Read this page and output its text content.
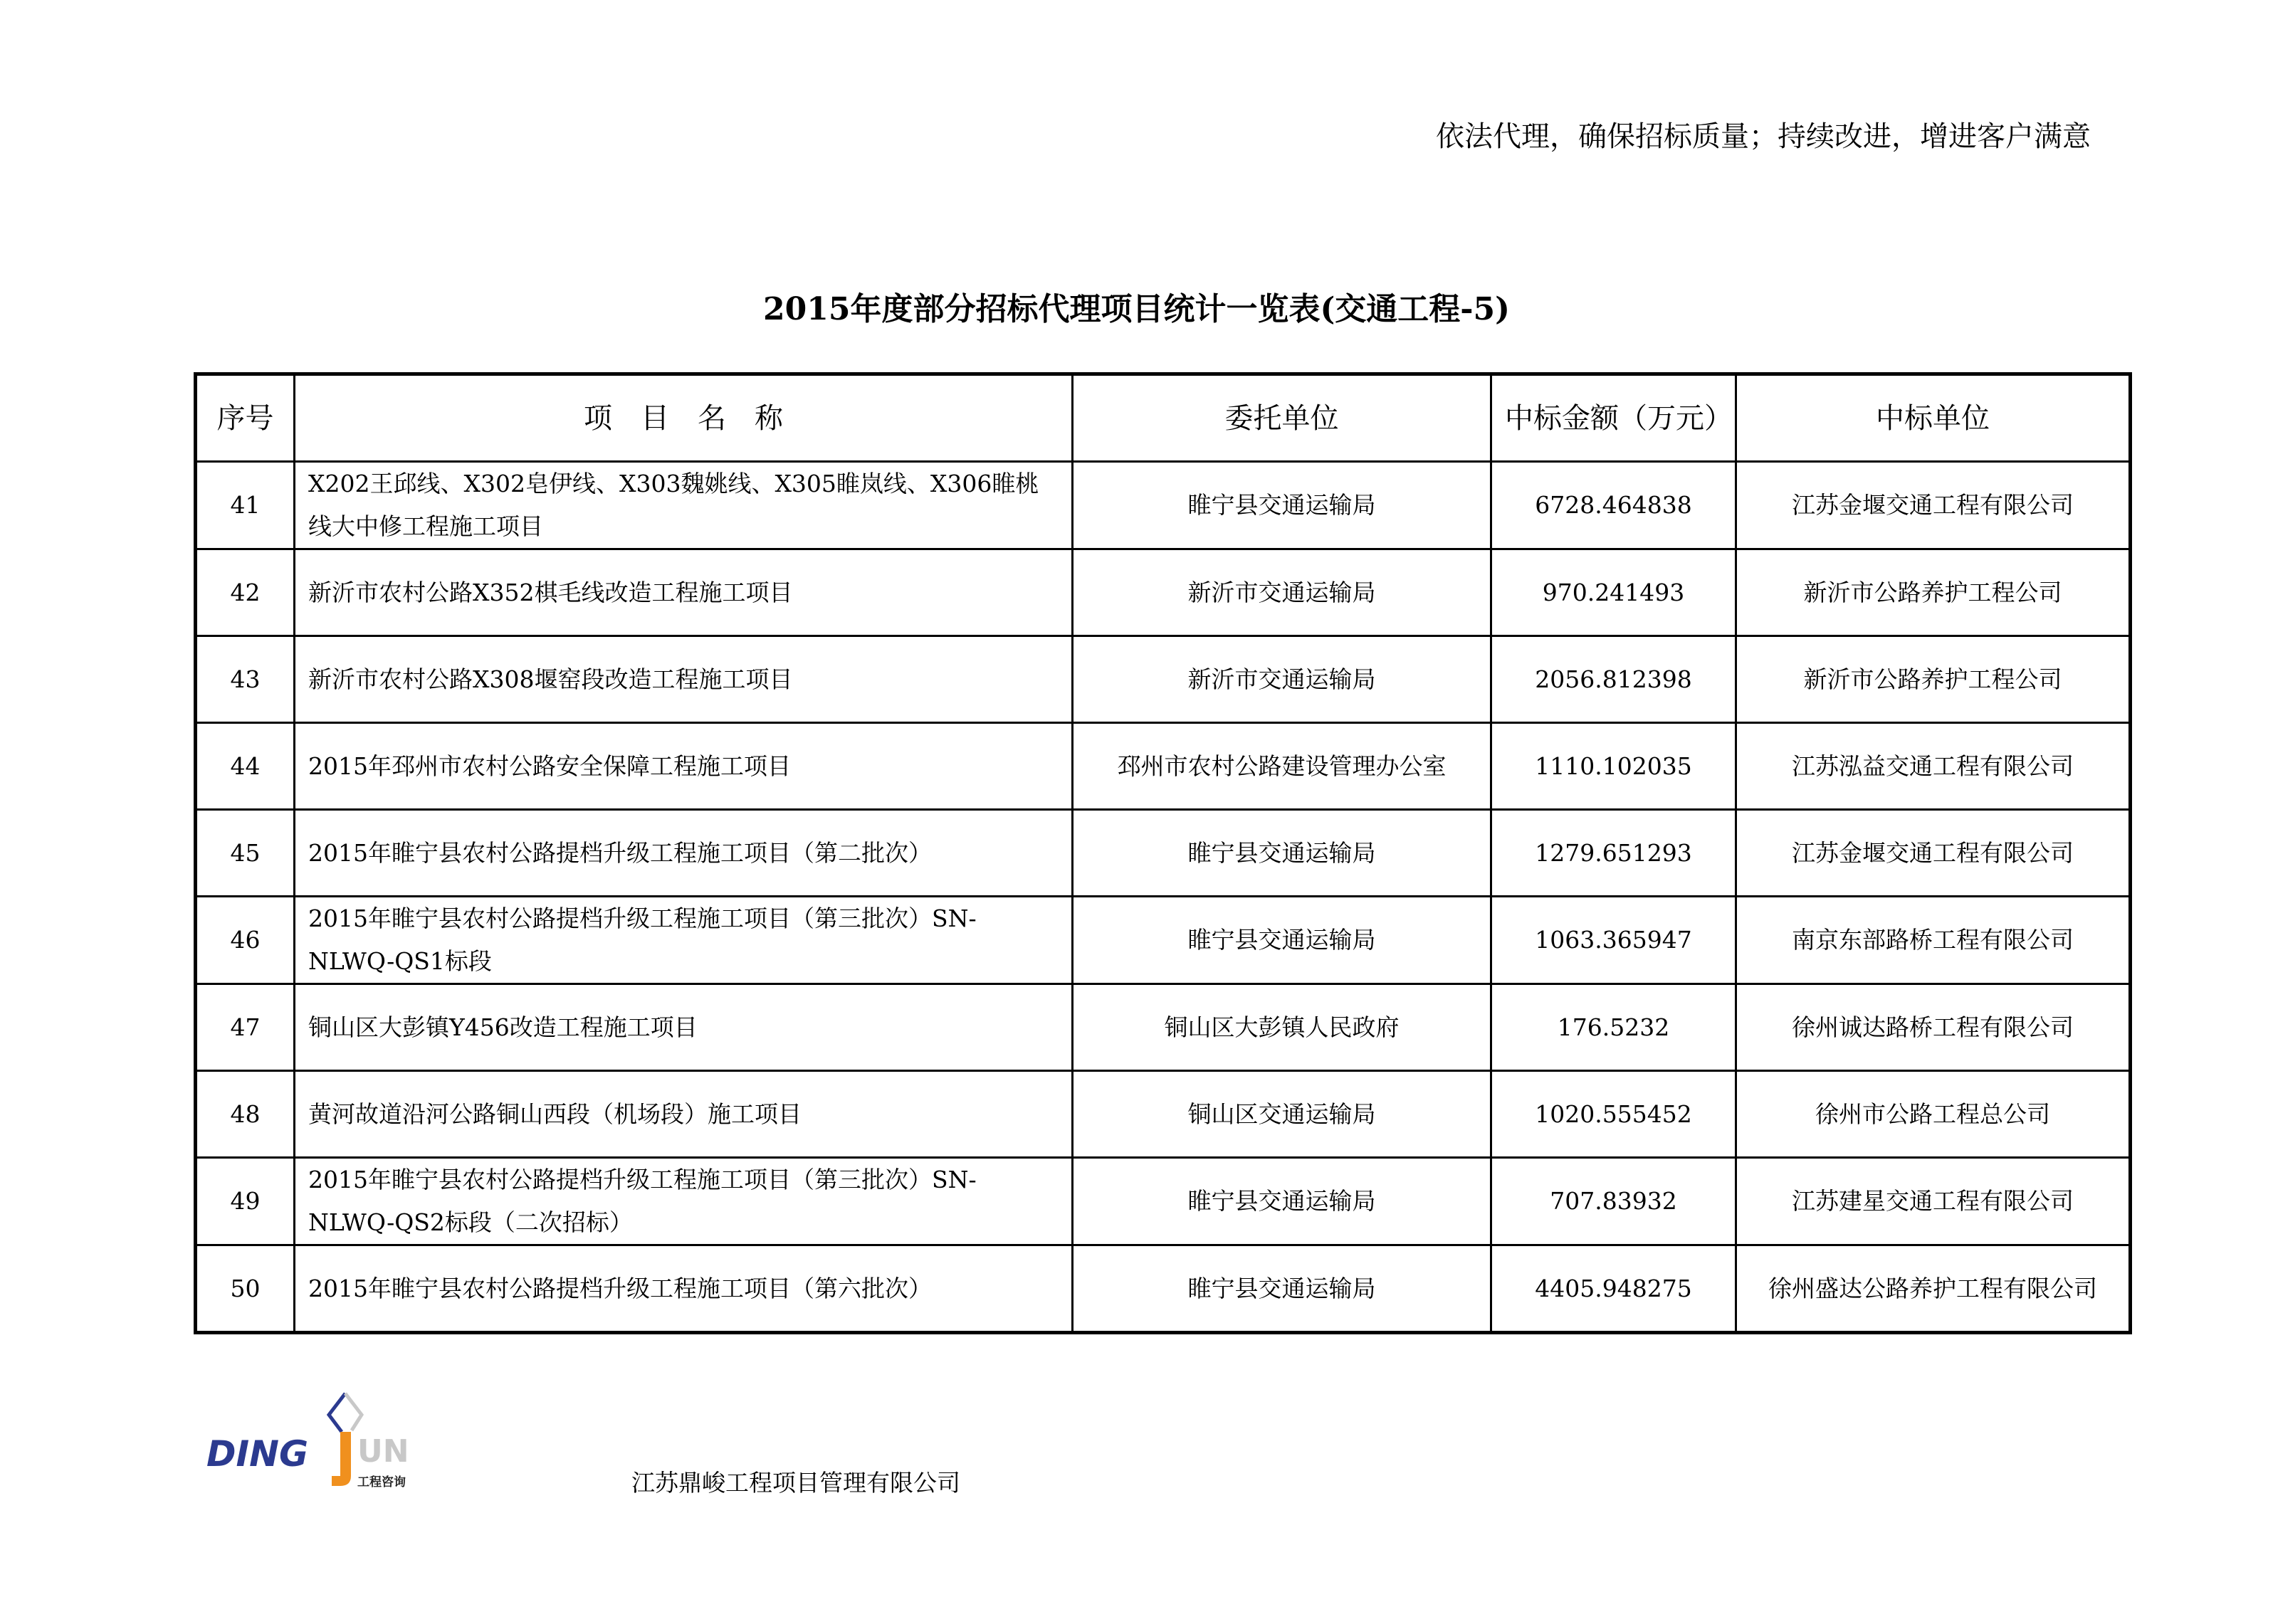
依法代理，确保招标质量；持续改进，增进客户满意
2015年度部分招标代理项目统计一览表(交通工程-5)
序号	项　目　名　称	委托单位	中标金额（万元）	中标单位
41	X202王邱线、X302皂伊线、X303魏姚线、X305睢岚线、X306睢桃线大中修工程施工项目	睢宁县交通运输局	6728.464838	江苏金堰交通工程有限公司
42	新沂市农村公路X352棋毛线改造工程施工项目	新沂市交通运输局	970.241493	新沂市公路养护工程公司
43	新沂市农村公路X308堰窑段改造工程施工项目	新沂市交通运输局	2056.812398	新沂市公路养护工程公司
44	2015年邳州市农村公路安全保障工程施工项目	邳州市农村公路建设管理办公室	1110.102035	江苏泓益交通工程有限公司
45	2015年睢宁县农村公路提档升级工程施工项目（第二批次）	睢宁县交通运输局	1279.651293	江苏金堰交通工程有限公司
46	2015年睢宁县农村公路提档升级工程施工项目（第三批次）SN-NLWQ-QS1标段	睢宁县交通运输局	1063.365947	南京东部路桥工程有限公司
47	铜山区大彭镇Y456改造工程施工项目	铜山区大彭镇人民政府	176.5232	徐州诚达路桥工程有限公司
48	黄河故道沿河公路铜山西段（机场段）施工项目	铜山区交通运输局	1020.555452	徐州市公路工程总公司
49	2015年睢宁县农村公路提档升级工程施工项目（第三批次）SN-NLWQ-QS2标段（二次招标）	睢宁县交通运输局	707.83932	江苏建星交通工程有限公司
50	2015年睢宁县农村公路提档升级工程施工项目（第六批次）	睢宁县交通运输局	4405.948275	徐州盛达公路养护工程有限公司
DING UN
工程咨询	江苏鼎峻工程项目管理有限公司
